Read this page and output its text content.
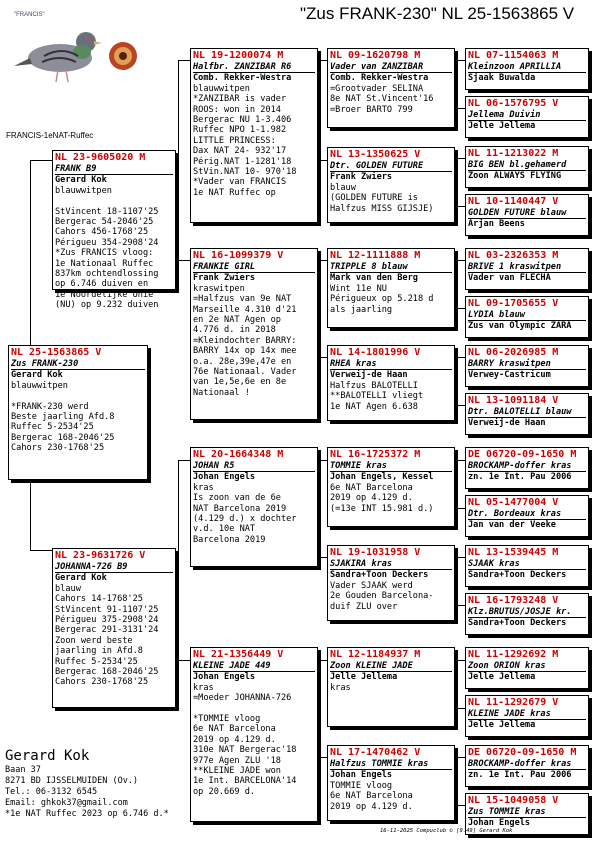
"Zus FRANK-230" NL 25-1563865 V
"FRANCIS"
FRANCIS-1eNAT-Ruffec
NL 25-1563865 V
Zus FRANK-230
Gerard Kok
blauwwitpen

*FRANK-230 werd
Beste jaarling Afd.8
Ruffec 5-2534'25
Bergerac 168-2046'25
Cahors 230-1768'25
NL 23-9605020 M
FRANK B9
Gerard Kok
blauwwitpen

StVincent 18-1107'25
Bergerac 54-2046'25
Cahors 456-1768'25
Périgueu 354-2908'24
*Zus FRANCIS vloog:
1e Nationaal Ruffec
837km ochtendlossing
op 6.746 duiven en
1e Noordelijke Unie
(NU) op 9.232 duiven
NL 23-9631726 V
JOHANNA-726 B9
Gerard Kok
blauw
Cahors 14-1768'25
StVincent 91-1107'25
Périgueu 375-2908'24
Bergerac 291-3131'24
Zoon werd beste
jaarling in Afd.8
Ruffec 5-2534'25
Bergerac 168-2046'25
Cahors 230-1768'25
NL 19-1200074 M
Halfbr. ZANZIBAR R6
Comb. Rekker-Westra
blauwwitpen
*ZANZIBAR is vader
ROOS: won in 2014
Bergerac NU 1-3.406
Ruffec NPO 1-1.982
LITTLE PRINCESS:
Dax NAT 24- 932'17
Périg.NAT 1-1281'18
StVin.NAT 10- 970'18
*Vader van FRANCIS
1e NAT Ruffec op
NL 16-1099379 V
FRANKIE GIRL
Frank Zwiers
kraswitpen
=Halfzus van 9e NAT
Marseille 4.310 d'21
en 2e NAT Agen op
4.776 d. in 2018
=Kleindochter BARRY:
BARRY 14x op 14x mee
o.a. 28e,39e,47e en
76e Nationaal. Vader
van 1e,5e,6e en 8e
Nationaal !
NL 20-1664348 M
JOHAN R5
Johan Engels
kras
Is zoon van de 6e
NAT Barcelona 2019
(4.129 d.) x dochter
v.d. 10e NAT
Barcelona 2019
NL 21-1356449 V
KLEINE JADE 449
Johan Engels
kras
=Moeder JOHANNA-726

*TOMMIE vloog
6e NAT Barcelona
2019 op 4.129 d.
310e NAT Bergerac'18
977e Agen ZLU '18
**KLEINE JADE won
1e Int. BARCELONA'14
op 20.669 d.
NL 09-1620798 M
Vader van ZANZIBAR
Comb. Rekker-Westra
=Grootvader SELINA
8e NAT St.Vincent'16
=Broer BARTO 799
NL 13-1350625 V
Dtr. GOLDEN FUTURE
Frank Zwiers
blauw
(GOLDEN FUTURE is
Halfzus MISS GIJSJE)
NL 12-1111888 M
TRIPPLE 8 blauw
Mark van den Berg
Wint 11e NU
Périgueux op 5.218 d
als jaarling
NL 14-1801996 V
RHEA kras
Verweij-de Haan
Halfzus BALOTELLI
**BALOTELLI vliegt
1e NAT Agen 6.638
NL 16-1725372 M
TOMMIE kras
Johan Engels, Kessel
6e NAT Barcelona
2019 op 4.129 d.
(=13e INT 15.981 d.)
NL 19-1031958 V
SJAKIRA kras
Sandra+Toon Deckers
Vader SJAAK werd
2e Gouden Barcelona-
duif ZLU over
NL 12-1184937 M
Zoon KLEINE JADE
Jelle Jellema
kras
NL 17-1470462 V
Halfzus TOMMIE kras
Johan Engels
TOMMIE vloog
6e NAT Barcelona
2019 op 4.129 d.
NL 07-1154063 M
Kleinzoon APRILLIA
Sjaak Buwalda
NL 06-1576795 V
Jellema Duivin
Jelle Jellema
NL 11-1213022 M
BIG BEN bl.gehamerd
Zoon ALWAYS FLYING
NL 10-1140447 V
GOLDEN FUTURE blauw
Arjan Beens
NL 03-2326353 M
BRIVE 1 kraswitpen
Vader van FLECHA
NL 09-1705655 V
LYDIA blauw
Zus van Olympic ZARA
NL 06-2026985 M
BARRY kraswitpen
Verwey-Castricum
NL 13-1091184 V
Dtr. BALOTELLI blauw
Verweij-de Haan
DE 06720-09-1650 M
BROCKAMP-doffer kras
zn. 1e Int. Pau 2006
NL 05-1477004 V
Dtr. Bordeaux kras
Jan van der Veeke
NL 13-1539445 M
SJAAK kras
Sandra+Toon Deckers
NL 16-1793248 V
Klz.BRUTUS/JOSJE kr.
Sandra+Toon Deckers
NL 11-1292692 M
Zoon ORION kras
Jelle Jellema
NL 11-1292679 V
KLEINE JADE kras
Jelle Jellema
DE 06720-09-1650 M
BROCKAMP-doffer kras
zn. 1e Int. Pau 2006
NL 15-1049058 V
Zus TOMMIE kras
Johan Engels
Gerard Kok
Baan 37
8271 BD IJSSELMUIDEN (Ov.)
Tel.: 06-3132 6545
Email: ghkok37@gmail.com
*1e NAT Ruffec 2023 op 6.746 d.*
16-11-2025 Compuclub © [9.49] Gerard Kok
